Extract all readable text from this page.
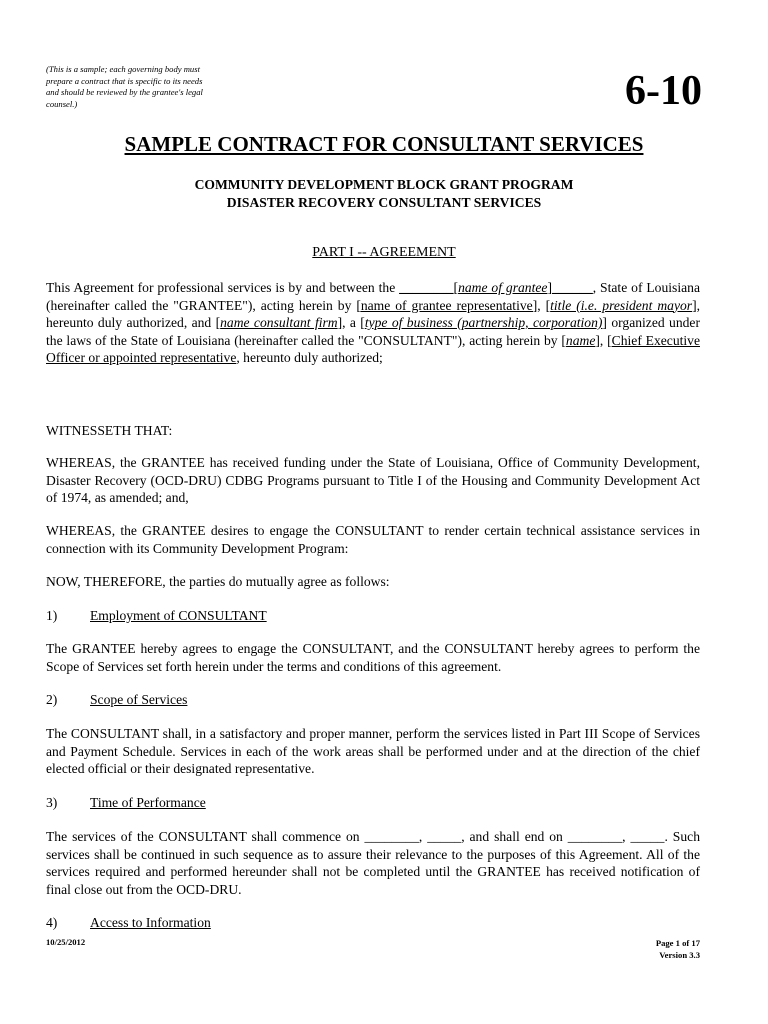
(This is a sample; each governing body must prepare a contract that is specific to its needs and should be reviewed by the grantee's legal counsel.)	6-10
SAMPLE CONTRACT FOR CONSULTANT SERVICES
COMMUNITY DEVELOPMENT BLOCK GRANT PROGRAM
DISASTER RECOVERY CONSULTANT SERVICES
PART I -- AGREEMENT
This Agreement for professional services is by and between the ________[name of grantee]______, State of Louisiana (hereinafter called the "GRANTEE"), acting herein by [name of grantee representative], [title (i.e. president mayor], hereunto duly authorized, and [name consultant firm], a [type of business (partnership, corporation)] organized under the laws of the State of Louisiana (hereinafter called the "CONSULTANT"), acting herein by [name], [Chief Executive Officer or appointed representative, hereunto duly authorized;
WITNESSETH THAT:
WHEREAS, the GRANTEE has received funding under the State of Louisiana, Office of Community Development, Disaster Recovery (OCD-DRU) CDBG Programs pursuant to Title I of the Housing and Community Development Act of 1974, as amended; and,
WHEREAS, the GRANTEE desires to engage the CONSULTANT to render certain technical assistance services in connection with its Community Development Program:
NOW, THEREFORE, the parties do mutually agree as follows:
1) Employment of CONSULTANT
The GRANTEE hereby agrees to engage the CONSULTANT, and the CONSULTANT hereby agrees to perform the Scope of Services set forth herein under the terms and conditions of this agreement.
2) Scope of Services
The CONSULTANT shall, in a satisfactory and proper manner, perform the services listed in Part III Scope of Services and Payment Schedule. Services in each of the work areas shall be performed under and at the direction of the chief elected official or their designated representative.
3) Time of Performance
The services of the CONSULTANT shall commence on ________, _____, and shall end on ________, _____. Such services shall be continued in such sequence as to assure their relevance to the purposes of this Agreement. All of the services required and performed hereunder shall not be completed until the GRANTEE has received notification of final close out from the OCD-DRU.
4) Access to Information
10/25/2012	Page 1 of 17
Version 3.3
